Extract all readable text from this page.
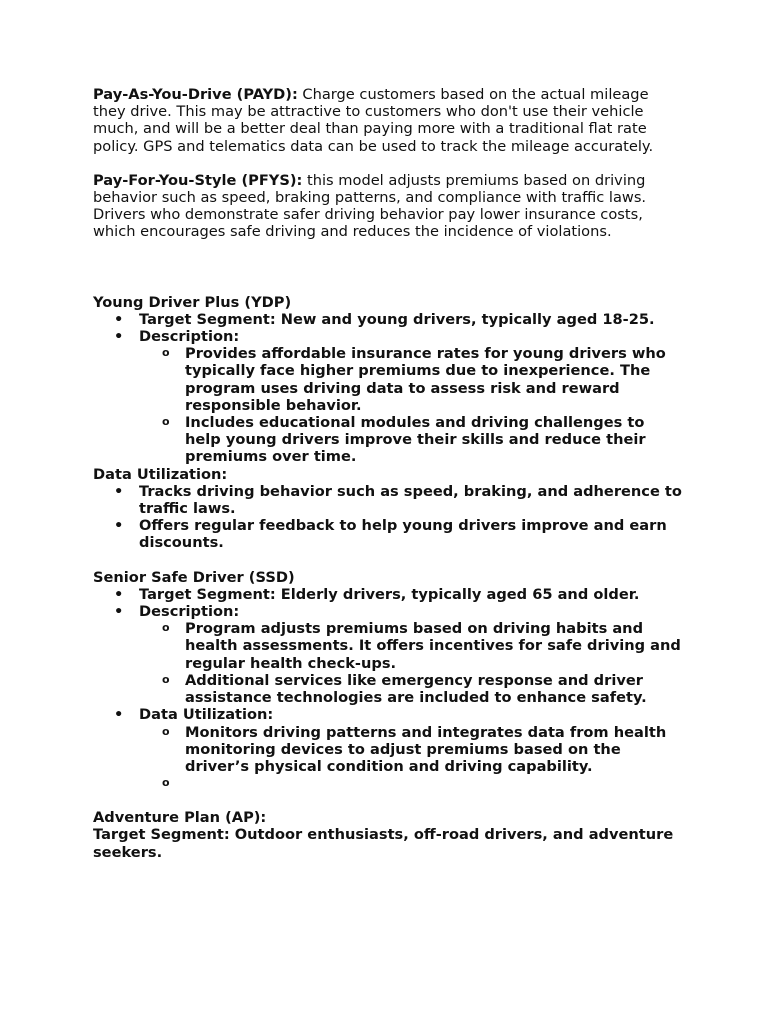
Pay-As-You-Drive (PAYD): Charge customers based on the actual mileage they drive. This may be attractive to customers who don't use their vehicle much, and will be a better deal than paying more with a traditional flat rate policy. GPS and telematics data can be used to track the mileage accurately.

Pay-For-You-Style (PFYS): this model adjusts premiums based on driving behavior such as speed, braking patterns, and compliance with traffic laws. Drivers who demonstrate safer driving behavior pay lower insurance costs, which encourages safe driving and reduces the incidence of violations.

Young Driver Plus (YDP)

• Target Segment: New and young drivers, typically aged 18-25.
• Description:
o Provides affordable insurance rates for young drivers who typically face higher premiums due to inexperience. The program uses driving data to assess risk and reward responsible behavior.
o Includes educational modules and driving challenges to help young drivers improve their skills and reduce their premiums over time.

Data Utilization:

• Tracks driving behavior such as speed, braking, and adherence to traffic laws.
• Offers regular feedback to help young drivers improve and earn discounts.

Senior Safe Driver (SSD)

• Target Segment: Elderly drivers, typically aged 65 and older.
• Description:
o Program adjusts premiums based on driving habits and health assessments. It offers incentives for safe driving and regular health check-ups.
o Additional services like emergency response and driver assistance technologies are included to enhance safety.
• Data Utilization:
o Monitors driving patterns and integrates data from health monitoring devices to adjust premiums based on the driver’s physical condition and driving capability.
o

Adventure Plan (AP):

Target Segment: Outdoor enthusiasts, off-road drivers, and adventure seekers.
